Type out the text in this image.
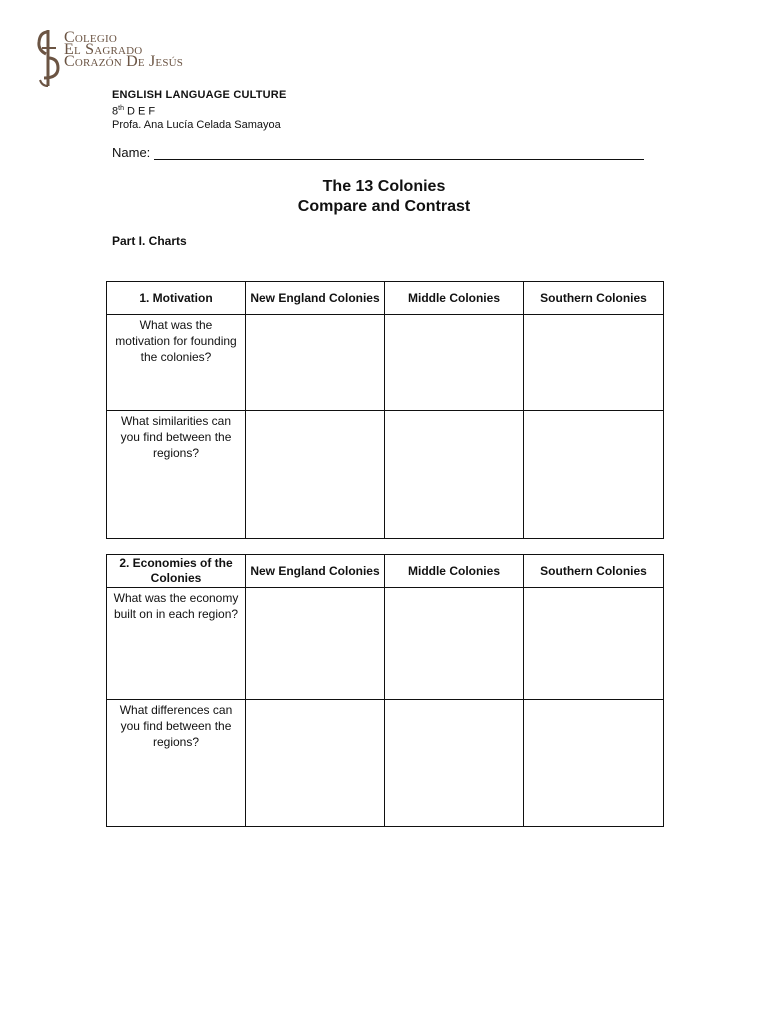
Colegio
El Sagrado
Corazón De Jesús
ENGLISH LANGUAGE CULTURE
8th D E F
Profa. Ana Lucía Celada Samayoa
Name:
The 13 Colonies
Compare and Contrast
Part I. Charts
1. Motivation	New England Colonies	Middle Colonies	Southern Colonies
What was the motivation for founding the colonies?			
What similarities can you find between the regions?			
2. Economies of the Colonies	New England Colonies	Middle Colonies	Southern Colonies
What was the economy built on in each region?			
What differences can you find between the regions?			
